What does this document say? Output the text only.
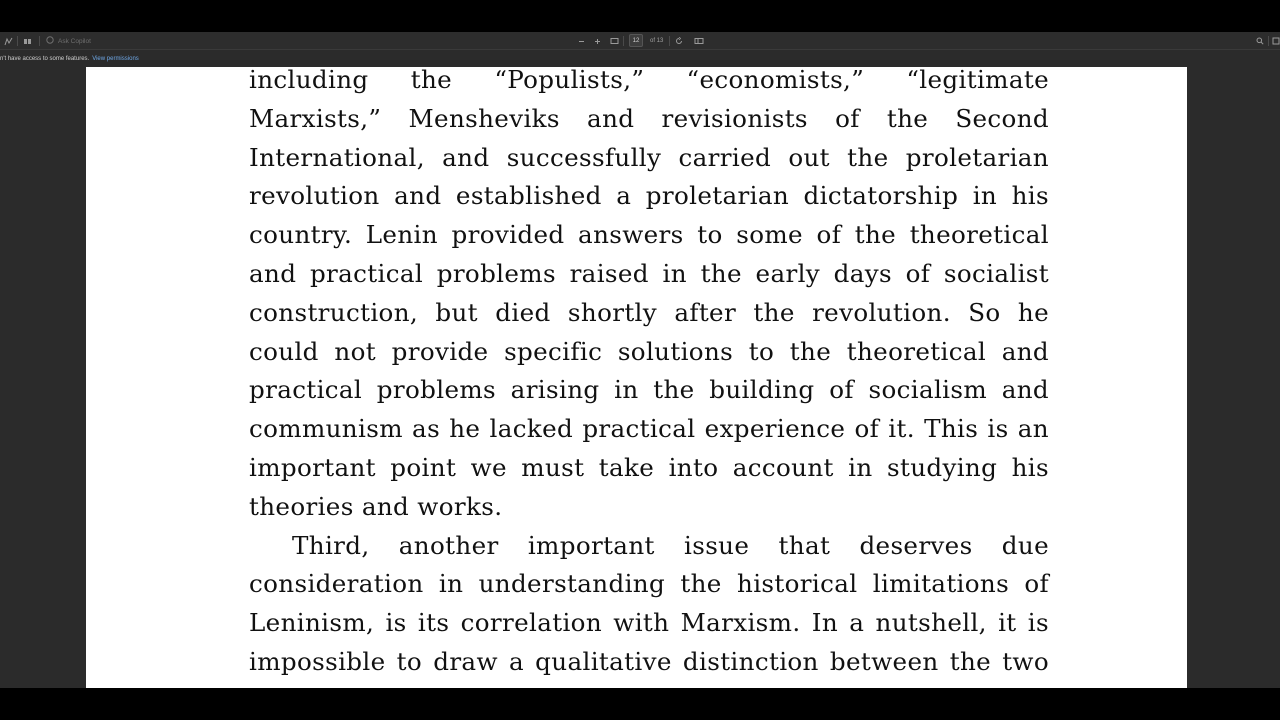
Ask Copilot	12 of 13
n't have access to some features. View permissions
including the “Populists,” “economists,” “legitimate
Marxists,” Mensheviks and revisionists of the Second
International, and successfully carried out the proletarian
revolution and established a proletarian dictatorship in his
country. Lenin provided answers to some of the theoretical
and practical problems raised in the early days of socialist
construction, but died shortly after the revolution. So he
could not provide specific solutions to the theoretical and
practical problems arising in the building of socialism and
communism as he lacked practical experience of it. This is an
important point we must take into account in studying his
theories and works.
Third, another important issue that deserves due
consideration in understanding the historical limitations of
Leninism, is its correlation with Marxism. In a nutshell, it is
impossible to draw a qualitative distinction between the two
